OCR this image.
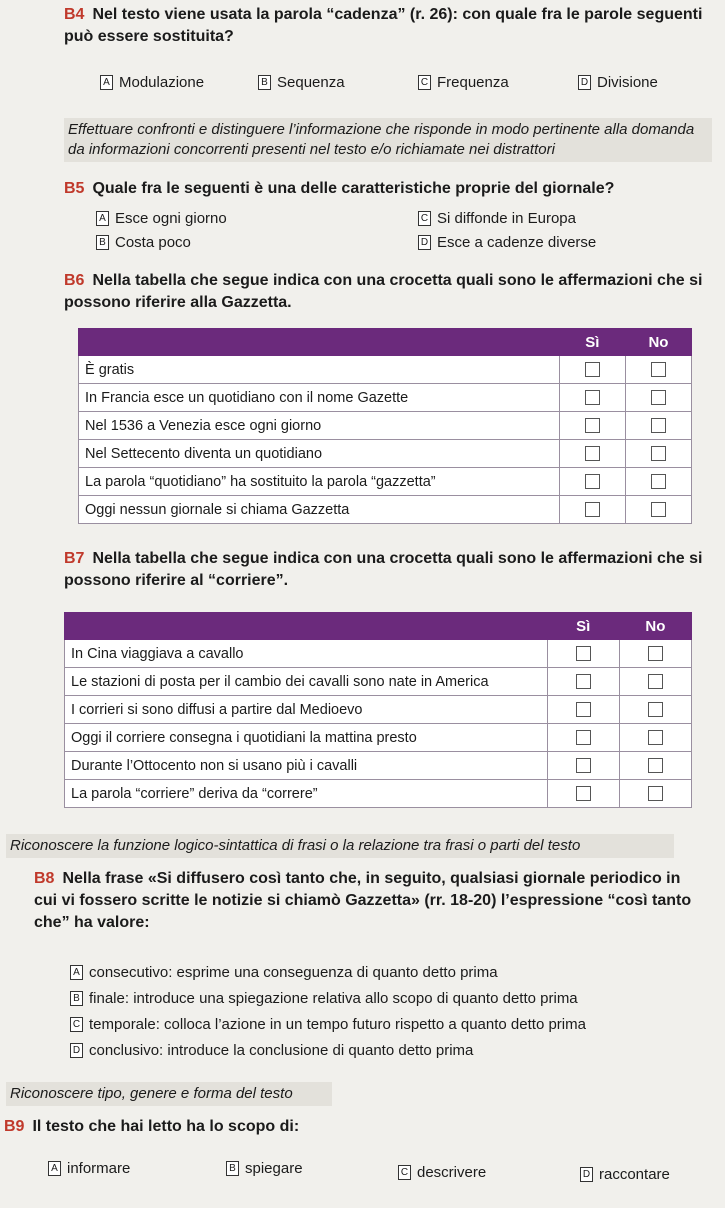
B4 Nel testo viene usata la parola “cadenza” (r. 26): con quale fra le parole seguenti può essere sostituita?
A Modulazione	B Sequenza	C Frequenza	D Divisione
Effettuare confronti e distinguere l’informazione che risponde in modo pertinente alla domanda da informazioni concorrenti presenti nel testo e/o richiamate nei distrattori
B5 Quale fra le seguenti è una delle caratteristiche proprie del giornale?
A Esce ogni giorno	C Si diffonde in Europa
B Costa poco	D Esce a cadenze diverse
B6 Nella tabella che segue indica con una crocetta quali sono le affermazioni che si possono riferire alla Gazzetta.
	Sì	No
È gratis		
In Francia esce un quotidiano con il nome Gazette		
Nel 1536 a Venezia esce ogni giorno		
Nel Settecento diventa un quotidiano		
La parola “quotidiano” ha sostituito la parola “gazzetta”		
Oggi nessun giornale si chiama Gazzetta		
B7 Nella tabella che segue indica con una crocetta quali sono le affermazioni che si possono riferire al “corriere”.
	Sì	No
In Cina viaggiava a cavallo		
Le stazioni di posta per il cambio dei cavalli sono nate in America		
I corrieri si sono diffusi a partire dal Medioevo		
Oggi il corriere consegna i quotidiani la mattina presto		
Durante l’Ottocento non si usano più i cavalli		
La parola “corriere” deriva da “correre”		
Riconoscere la funzione logico-sintattica di frasi o la relazione tra frasi o parti del testo
B8 Nella frase «Si diffusero così tanto che, in seguito, qualsiasi giornale periodico in cui vi fossero scritte le notizie si chiamò Gazzetta» (rr. 18-20) l’espressione “così tanto che” ha valore:
A consecutivo: esprime una conseguenza di quanto detto prima
B finale: introduce una spiegazione relativa allo scopo di quanto detto prima
C temporale: colloca l’azione in un tempo futuro rispetto a quanto detto prima
D conclusivo: introduce la conclusione di quanto detto prima
Riconoscere tipo, genere e forma del testo
B9 Il testo che hai letto ha lo scopo di:
A informare	B spiegare	C descrivere	D raccontare
